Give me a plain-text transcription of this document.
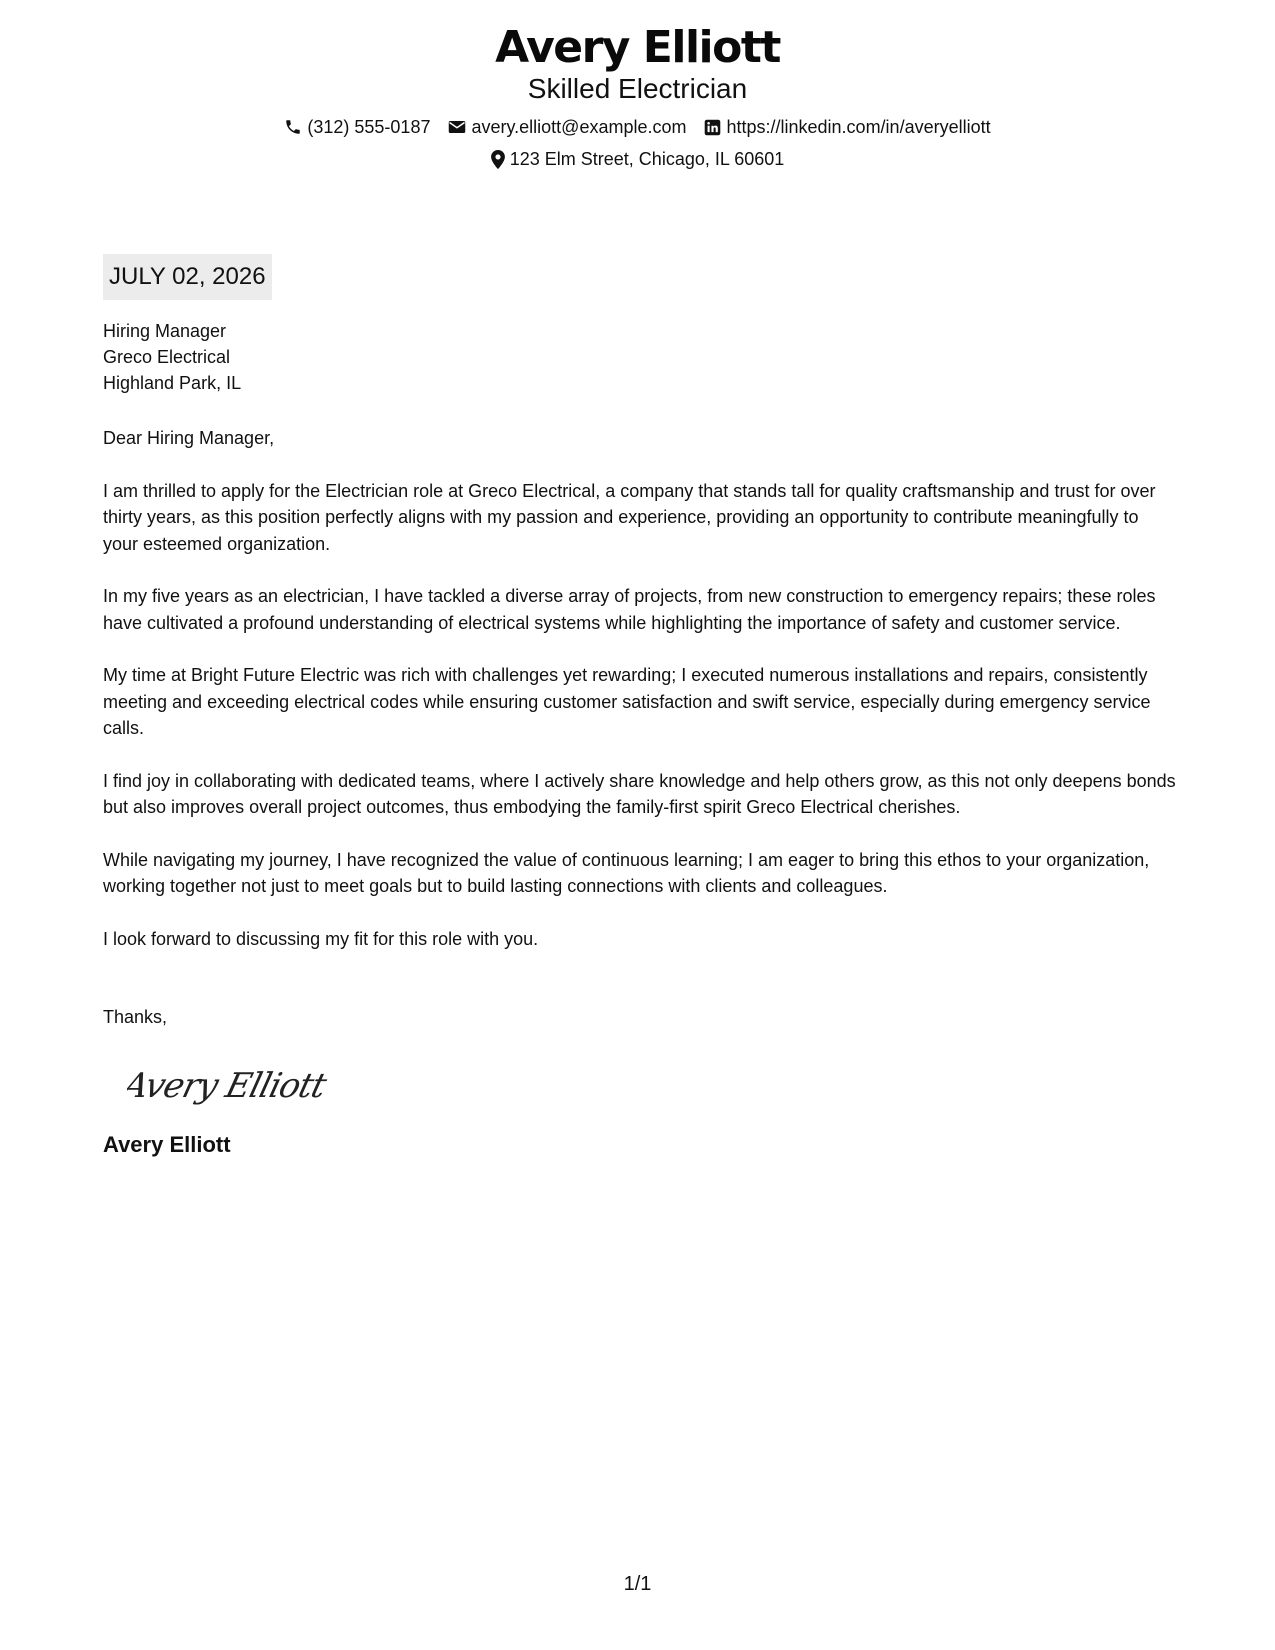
Avery Elliott
Skilled Electrician
(312) 555-0187 avery.elliott@example.com https://linkedin.com/in/averyelliott
123 Elm Street, Chicago, IL 60601
JULY 02, 2026
Hiring Manager
Greco Electrical
Highland Park, IL
Dear Hiring Manager,
I am thrilled to apply for the Electrician role at Greco Electrical, a company that stands tall for quality craftsmanship and trust for over thirty years, as this position perfectly aligns with my passion and experience, providing an opportunity to contribute meaningfully to your esteemed organization.
In my five years as an electrician, I have tackled a diverse array of projects, from new construction to emergency repairs; these roles have cultivated a profound understanding of electrical systems while highlighting the importance of safety and customer service.
My time at Bright Future Electric was rich with challenges yet rewarding; I executed numerous installations and repairs, consistently meeting and exceeding electrical codes while ensuring customer satisfaction and swift service, especially during emergency service calls.
I find joy in collaborating with dedicated teams, where I actively share knowledge and help others grow, as this not only deepens bonds but also improves overall project outcomes, thus embodying the family-first spirit Greco Electrical cherishes.
While navigating my journey, I have recognized the value of continuous learning; I am eager to bring this ethos to your organization, working together not just to meet goals but to build lasting connections with clients and colleagues.
I look forward to discussing my fit for this role with you.
Thanks,
Avery Elliott
Avery Elliott
1/1
